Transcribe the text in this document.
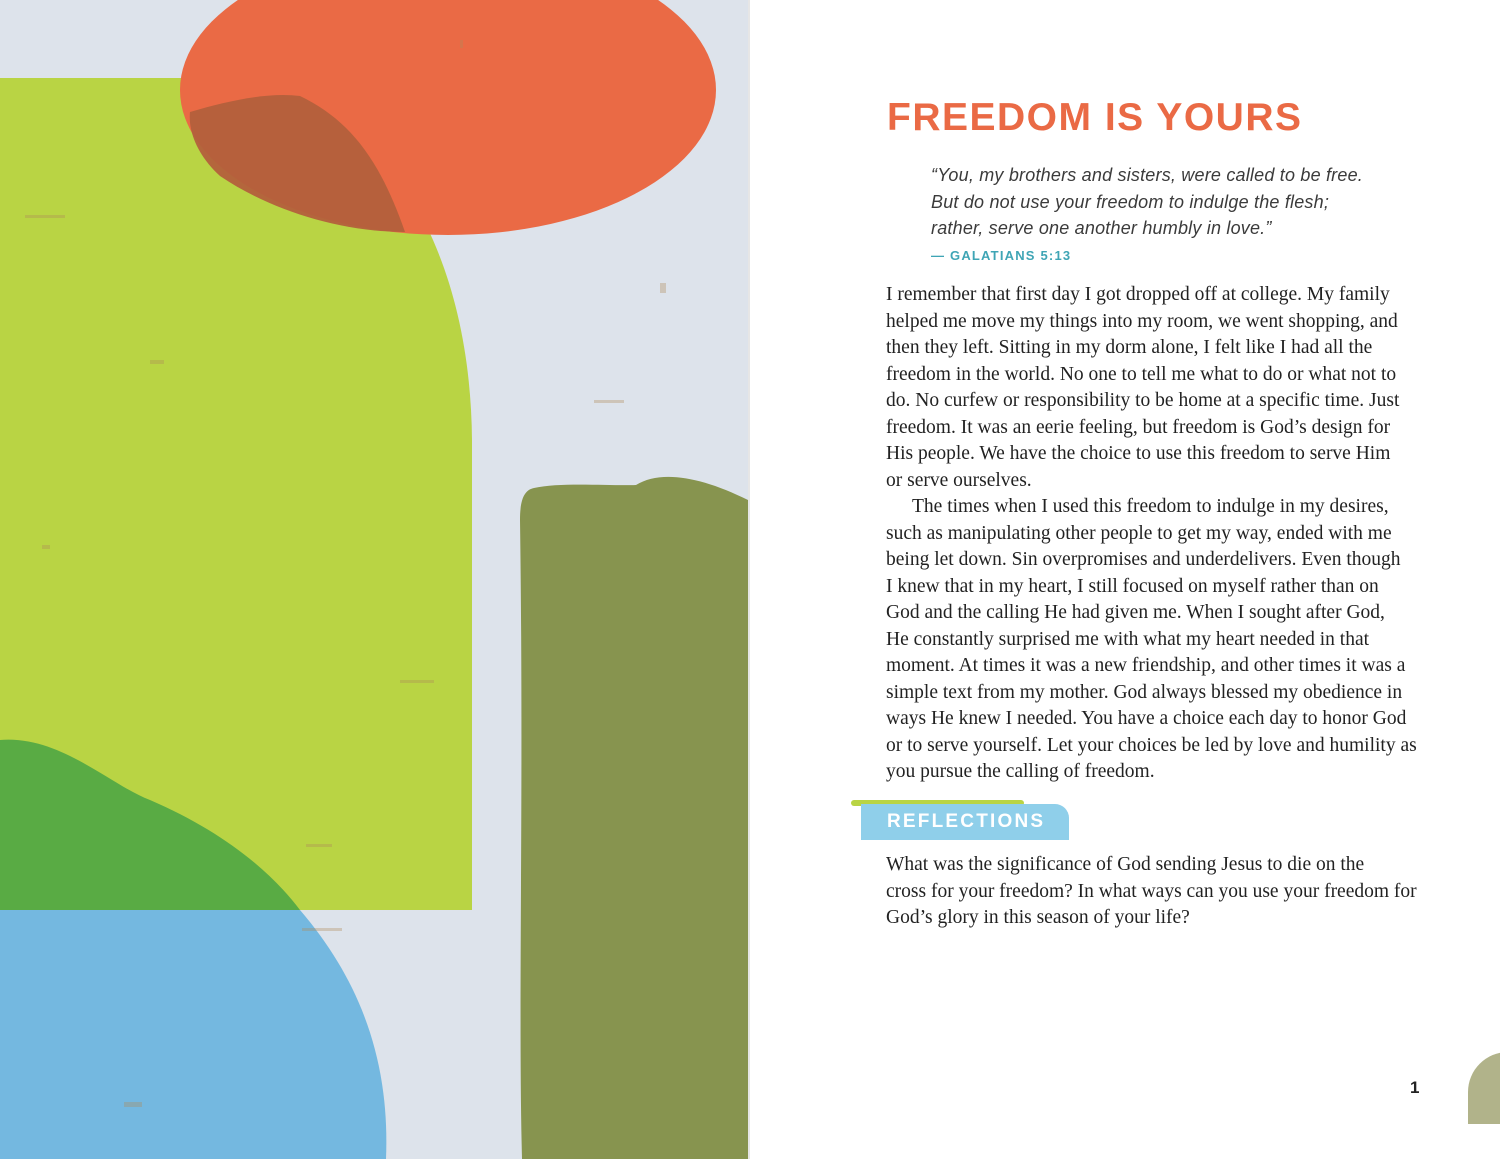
FREEDOM IS YOURS

“You, my brothers and sisters, were called to be free.

But do not use your freedom to indulge the flesh;

rather, serve one another humbly in love.”

— GALATIANS 5:13

I remember that first day I got dropped off at college. My family

helped me move my things into my room, we went shopping, and

then they left. Sitting in my dorm alone, I felt like I had all the

freedom in the world. No one to tell me what to do or what not to

do. No curfew or responsibility to be home at a specific time. Just

freedom. It was an eerie feeling, but freedom is God’s design for

His people. We have the choice to use this freedom to serve Him

or serve ourselves.

The times when I used this freedom to indulge in my desires,

such as manipulating other people to get my way, ended with me

being let down. Sin overpromises and underdelivers. Even though

I knew that in my heart, I still focused on myself rather than on

God and the calling He had given me. When I sought after God,

He constantly surprised me with what my heart needed in that

moment. At times it was a new friendship, and other times it was a

simple text from my mother. God always blessed my obedience in

ways He knew I needed. You have a choice each day to honor God

or to serve yourself. Let your choices be led by love and humility as

you pursue the calling of freedom.

REFLECTIONS

What was the significance of God sending Jesus to die on the

cross for your freedom? In what ways can you use your freedom for

God’s glory in this season of your life?

1
